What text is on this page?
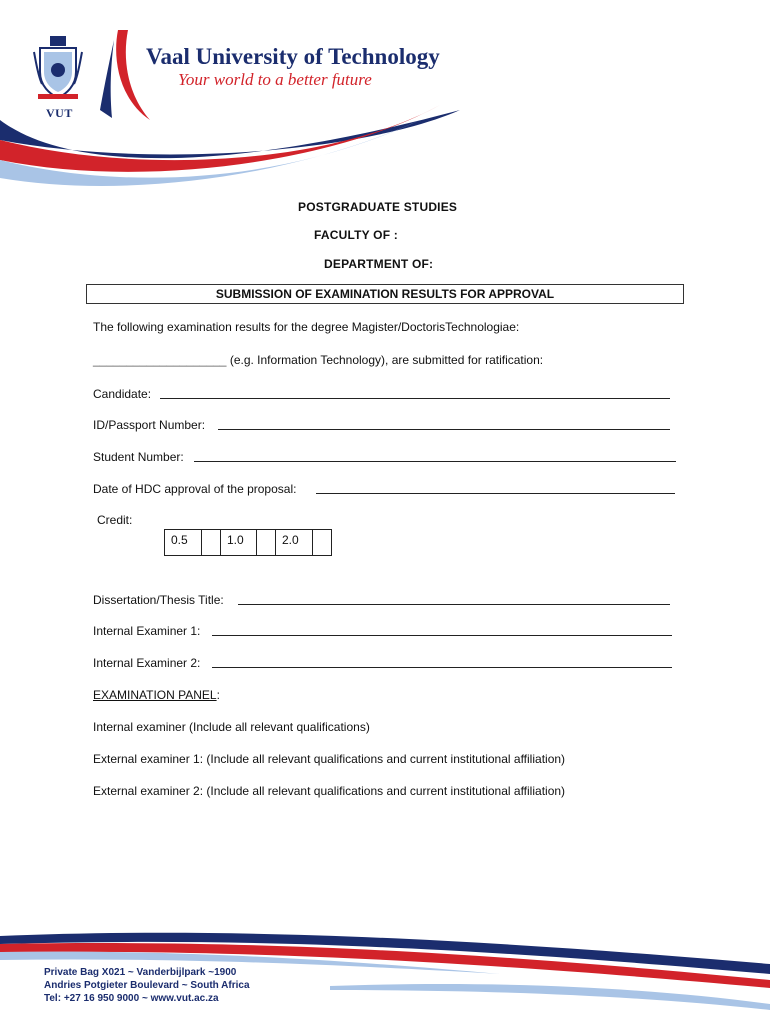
VUT
Vaal University of Technology
Your world to a better future
POSTGRADUATE STUDIES
FACULTY OF :
DEPARTMENT OF:
SUBMISSION OF EXAMINATION RESULTS FOR APPROVAL
The following examination results for the degree Magister/DoctorisTechnologiae:
____________________ (e.g. Information Technology), are submitted for ratification:
Candidate:
ID/Passport Number:
Student Number:
Date of HDC approval of the proposal:
Credit:
0.5	1.0	2.0
Dissertation/Thesis Title:
Internal Examiner 1:
Internal Examiner 2:
EXAMINATION PANEL:
Internal examiner (Include all relevant qualifications)
External examiner 1: (Include all relevant qualifications and current institutional affiliation)
External examiner 2: (Include all relevant qualifications and current institutional affiliation)
Private Bag X021 ~ Vanderbijlpark ~1900
Andries Potgieter Boulevard ~ South Africa
Tel: +27 16 950 9000 ~ www.vut.ac.za
